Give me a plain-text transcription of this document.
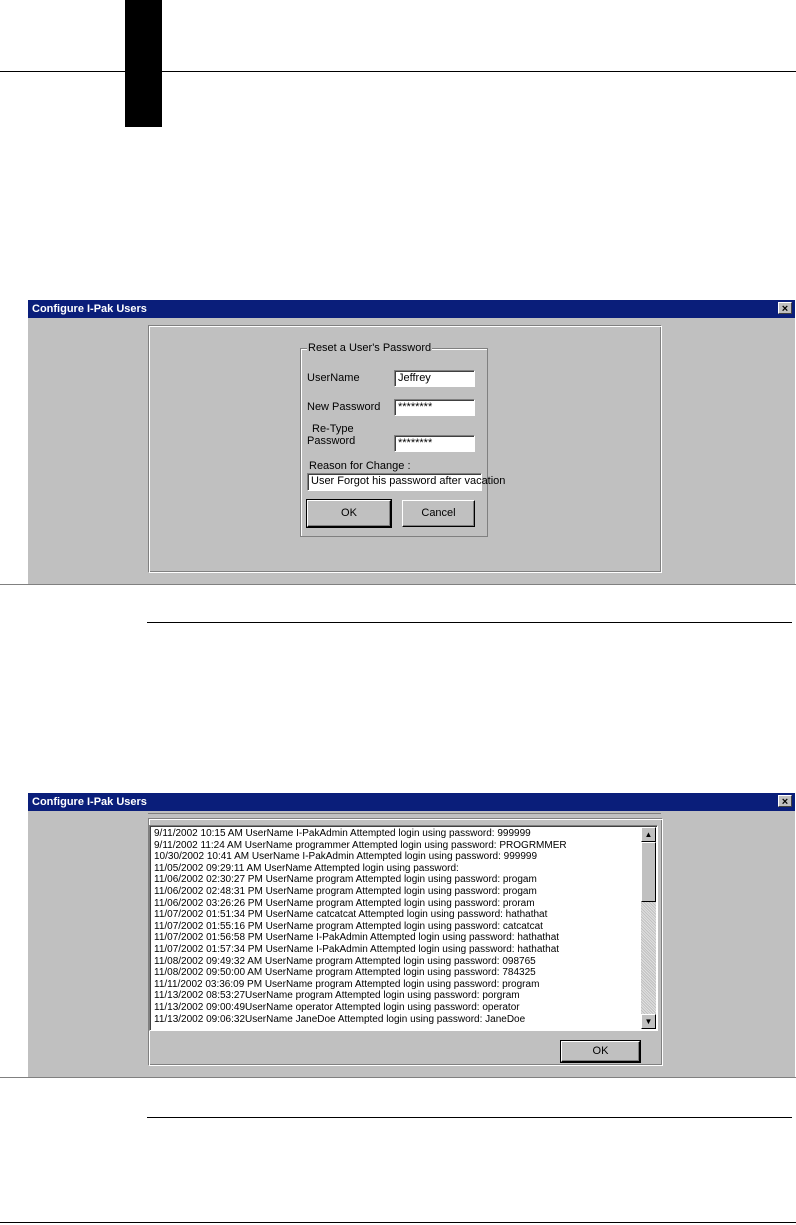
Configure I-Pak Users	×
Reset a User's Password
UserName	Jeffrey
New Password	********
Re-Type
Password	********
Reason for Change :
User Forgot his password after vacation
OK	Cancel
Configure I-Pak Users	×
9/11/2002 10:15 AM UserName I-PakAdmin Attempted login using password: 999999
9/11/2002 11:24 AM UserName programmer Attempted login using password: PROGRMMER
10/30/2002 10:41 AM UserName I-PakAdmin Attempted login using password: 999999
11/05/2002 09:29:11 AM UserName Attempted login using password:
11/06/2002 02:30:27 PM UserName program Attempted login using password: progam
11/06/2002 02:48:31 PM UserName program Attempted login using password: progam
11/06/2002 03:26:26 PM UserName program Attempted login using password: proram
11/07/2002 01:51:34 PM UserName catcatcat Attempted login using password: hathathat
11/07/2002 01:55:16 PM UserName program Attempted login using password: catcatcat
11/07/2002 01:56:58 PM UserName I-PakAdmin Attempted login using password: hathathat
11/07/2002 01:57:34 PM UserName I-PakAdmin Attempted login using password: hathathat
11/08/2002 09:49:32 AM UserName program Attempted login using password: 098765
11/08/2002 09:50:00 AM UserName program Attempted login using password: 784325
11/11/2002 03:36:09 PM UserName program Attempted login using password: program
11/13/2002 08:53:27UserName program Attempted login using password: porgram
11/13/2002 09:00:49UserName operator Attempted login using password: operator
11/13/2002 09:06:32UserName JaneDoe Attempted login using password: JaneDoe
▲
▼
OK
